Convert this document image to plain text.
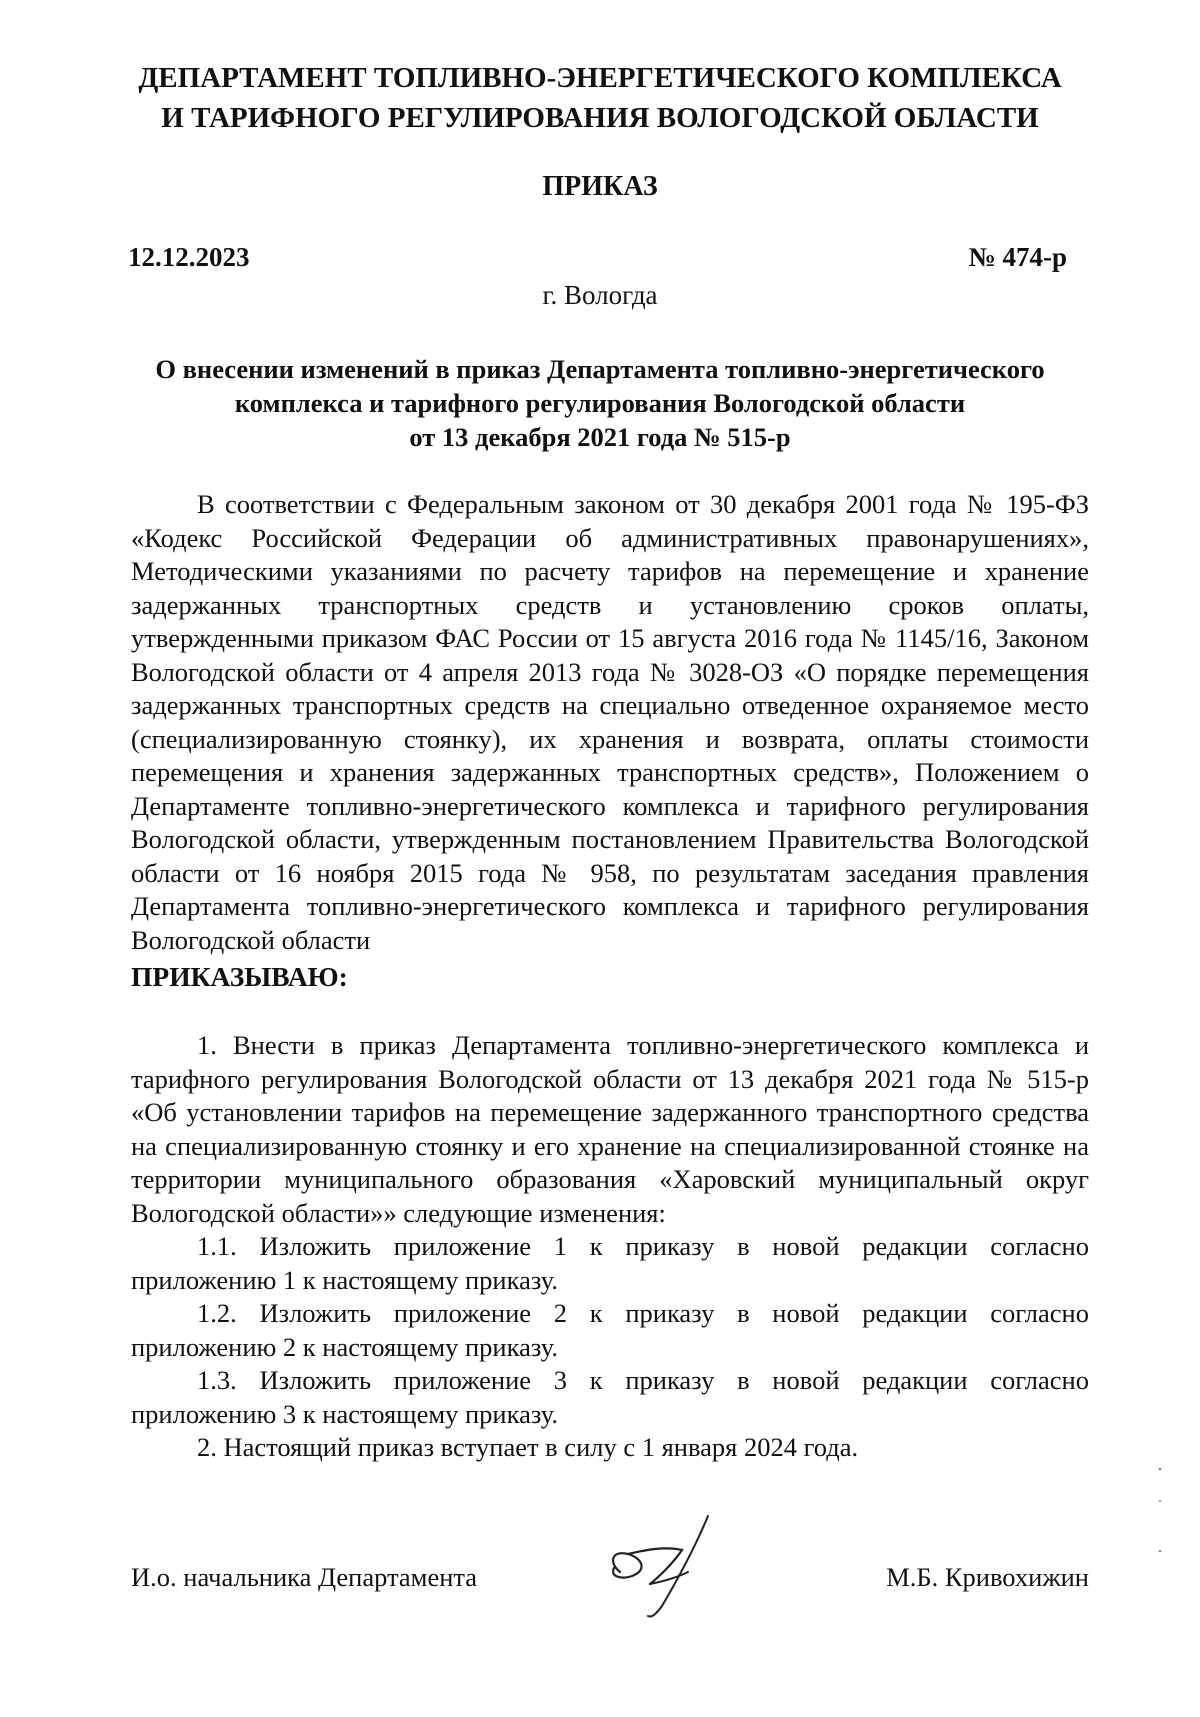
ДЕПАРТАМЕНТ ТОПЛИВНО-ЭНЕРГЕТИЧЕСКОГО КОМПЛЕКСА
И ТАРИФНОГО РЕГУЛИРОВАНИЯ ВОЛОГОДСКОЙ ОБЛАСТИ
ПРИКАЗ
12.12.2023	№ 474-р
г. Вологда
О внесении изменений в приказ Департамента топливно-энергетического
комплекса и тарифного регулирования Вологодской области
от 13 декабря 2021 года № 515-р

В соответствии с Федеральным законом от 30 декабря 2001 года № 195-ФЗ «Кодекс Российской Федерации об административных правонарушениях», Методическими указаниями по расчету тарифов на перемещение и хранение задержанных транспортных средств и установлению сроков оплаты, утвержденными приказом ФАС России от 15 августа 2016 года № 1145/16, Законом Вологодской области от 4 апреля 2013 года № 3028-ОЗ «О порядке перемещения задержанных транспортных средств на специально отведенное охраняемое место (специализированную стоянку), их хранения и возврата, оплаты стоимости перемещения и хранения задержанных транспортных средств», Положением о Департаменте топливно-энергетического комплекса и тарифного регулирования Вологодской области, утвержденным постановлением Правительства Вологодской области от 16 ноября 2015 года № 958, по результатам заседания правления Департамента топливно-энергетического комплекса и тарифного регулирования Вологодской области

ПРИКАЗЫВАЮ:

1. Внести в приказ Департамента топливно-энергетического комплекса и тарифного регулирования Вологодской области от 13 декабря 2021 года № 515-р «Об установлении тарифов на перемещение задержанного транспортного средства на специализированную стоянку и его хранение на специализированной стоянке на территории муниципального образования «Харовский муниципальный округ Вологодской области»» следующие изменения:

1.1. Изложить приложение 1 к приказу в новой редакции согласно приложению 1 к настоящему приказу.

1.2. Изложить приложение 2 к приказу в новой редакции согласно приложению 2 к настоящему приказу.

1.3. Изложить приложение 3 к приказу в новой редакции согласно приложению 3 к настоящему приказу.

2. Настоящий приказ вступает в силу с 1 января 2024 года.

И.о. начальника Департамента	М.Б. Кривохижин
